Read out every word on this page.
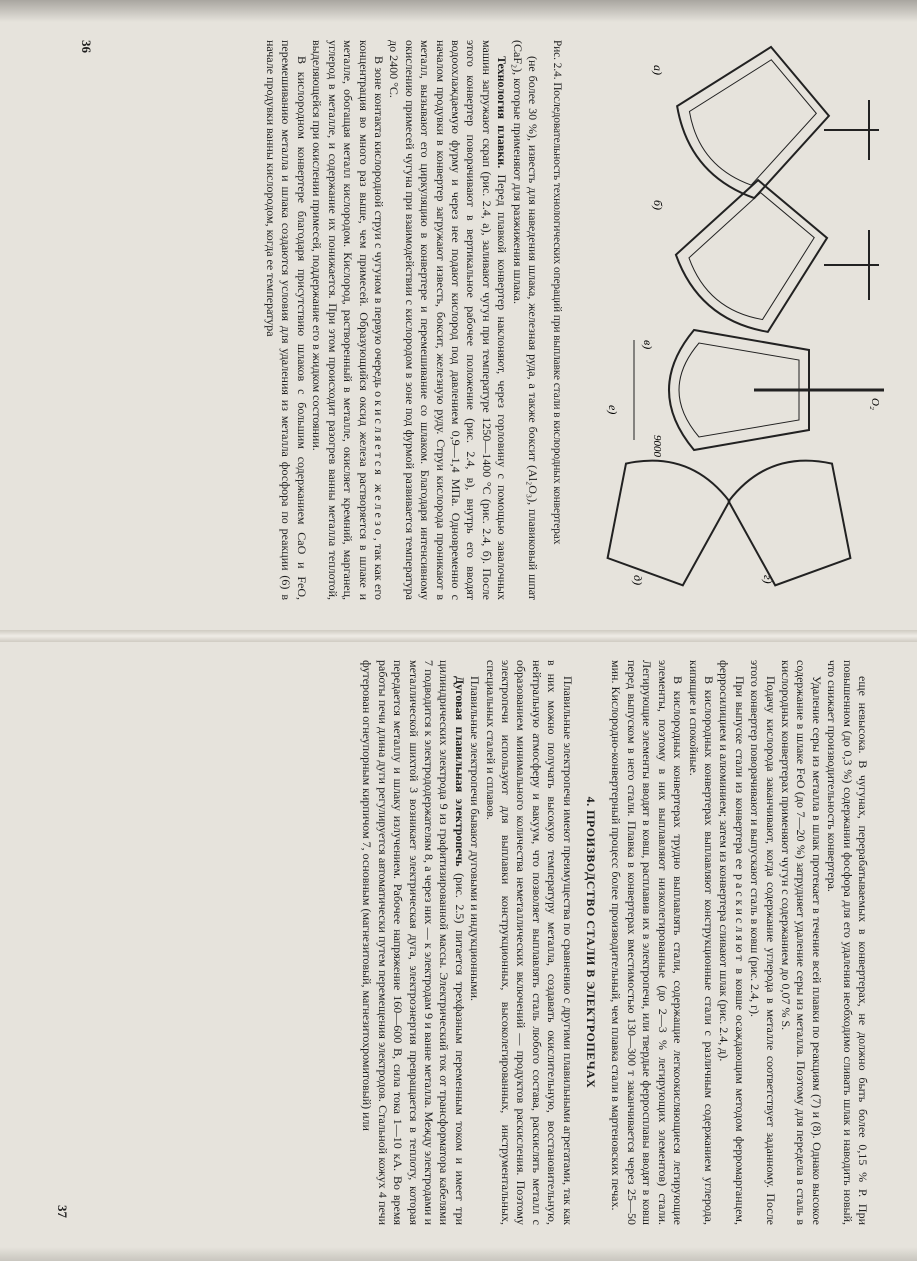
а)
б)
в)
г)
д)
е)
9000
O₂

Рис. 2.4. Последовательность технологических операций при выплавке стали в кислородных конвертерах

(не более 30 %), известь для наведения шлака, железная руда, а также боксит (Al₂O₃), плавиковый шпат (CaF₂), которые применяют для разжижения шлака.

Технология плавки. Перед плавкой конвертер наклоняют, через горловину с помощью завалочных машин загружают скрап (рис. 2.4, а), заливают чугун при температуре 1250—1400 °C (рис. 2.4, б). После этого конвертер поворачивают в вертикальное рабочее положение (рис. 2.4, в), внутрь его вводят водоохлаждаемую фурму и через нее подают кислород под давлением 0,9—1,4 МПа. Одновременно с началом продувки в конвертер загружают известь, боксит, железную руду. Струи кислорода проникают в металл, вызывают его циркуляцию в конвертере и перемешивание со шлаком. Благодаря интенсивному окислению примесей чугуна при взаимодействии с кислородом в зоне под фурмой развивается температура до 2400 °C.

В зоне контакта кислородной струи с чугуном в первую очередь окисляется железо, так как его концентрация во много раз выше, чем примесей. Образующийся оксид железа растворяется в шлаке и металле, обогащая металл кислородом. Кислород, растворенный в металле, окисляет кремний, марганец, углерод в металле, и содержание их понижается. При этом происходит разогрев ванны металла теплотой, выделяющейся при окислении примесей, поддержание его в жидком состоянии.

В кислородном конвертере благодаря присутствию шлаков с большим содержанием CaO и FeO, перемешиванию металла и шлака создаются условия для удаления из металла фосфора по реакции (6) в начале продувки ванны кислородом, когда ее температура

36

еще невысока. В чугунах, перерабатываемых в конвертерах, не должно быть более 0,15 % Р. При повышенном (до 0,3 %) содержании фосфора для его удаления необходимо сливать шлак и наводить новый, что снижает производительность конвертера.

Удаление серы из металла в шлак протекает в течение всей плавки по реакциям (7) и (8). Однако высокое содержание в шлаке FeO (до 7—20 %) затрудняет удаление серы из металла. Поэтому для передела в сталь в кислородных конвертерах применяют чугун с содержанием до 0,07 % S.

Подачу кислорода заканчивают, когда содержание углерода в металле соответствует заданному. После этого конвертер поворачивают и выпускают сталь в ковш (рис. 2.4, г).

При выпуске стали из конвертера ее раскисляют в ковше осаждающим методом ферромарганцем, ферросилицием и алюминием; затем из конвертера сливают шлак (рис. 2.4, д).

В кислородных конвертерах выплавляют конструкционные стали с различным содержанием углерода, кипящие и спокойные.

В кислородных конвертерах трудно выплавлять стали, содержащие легкоокисляющиеся легирующие элементы, поэтому в них выплавляют низколегированные (до 2—3 % легирующих элементов) стали. Легирующие элементы вводят в ковш, расплавив их в электропечи, или твердые ферросплавы вводят в ковш перед выпуском в него стали. Плавка в конвертерах вместимостью 130—300 т заканчивается через 25—50 мин. Кислородно-конвертерный процесс более производительный, чем плавка стали в мартеновских печах.

4. ПРОИЗВОДСТВО СТАЛИ В ЭЛЕКТРОПЕЧАХ

Плавильные электропечи имеют преимущества по сравнению с другими плавильными агрегатами, так как в них можно получать высокую температуру металла, создавать окислительную, восстановительную, нейтральную атмосферу и вакуум, что позволяет выплавлять сталь любого состава, раскислять металл с образованием минимального количества неметаллических включений — продуктов раскисления. Поэтому электропечи используют для выплавки конструкционных, высоколегированных, инструментальных, специальных сталей и сплавов.

Плавильные электропечи бывают дуговыми и индукционными.

Дуговая плавильная электропечь (рис. 2.5) питается трехфазным переменным током и имеет три цилиндрических электрода 9 из графитизированной массы. Электрический ток от трансформатора кабелями 7 подводится к электрододержателям 8, а через них — к электродам 9 и ванне металла. Между электродами и металлической шихтой 3 возникает электрическая дуга, электроэнергия превращается в теплоту, которая передается металлу и шлаку излучением. Рабочее напряжение 160—600 В, сила тока 1—10 кА. Во время работы печи длина дуги регулируется автоматически путем перемещения электродов. Стальной кожух 4 печи футерован огнеупорным кирпичом 7, основным (магнезитовый, магнезитохромитовый) или

37
